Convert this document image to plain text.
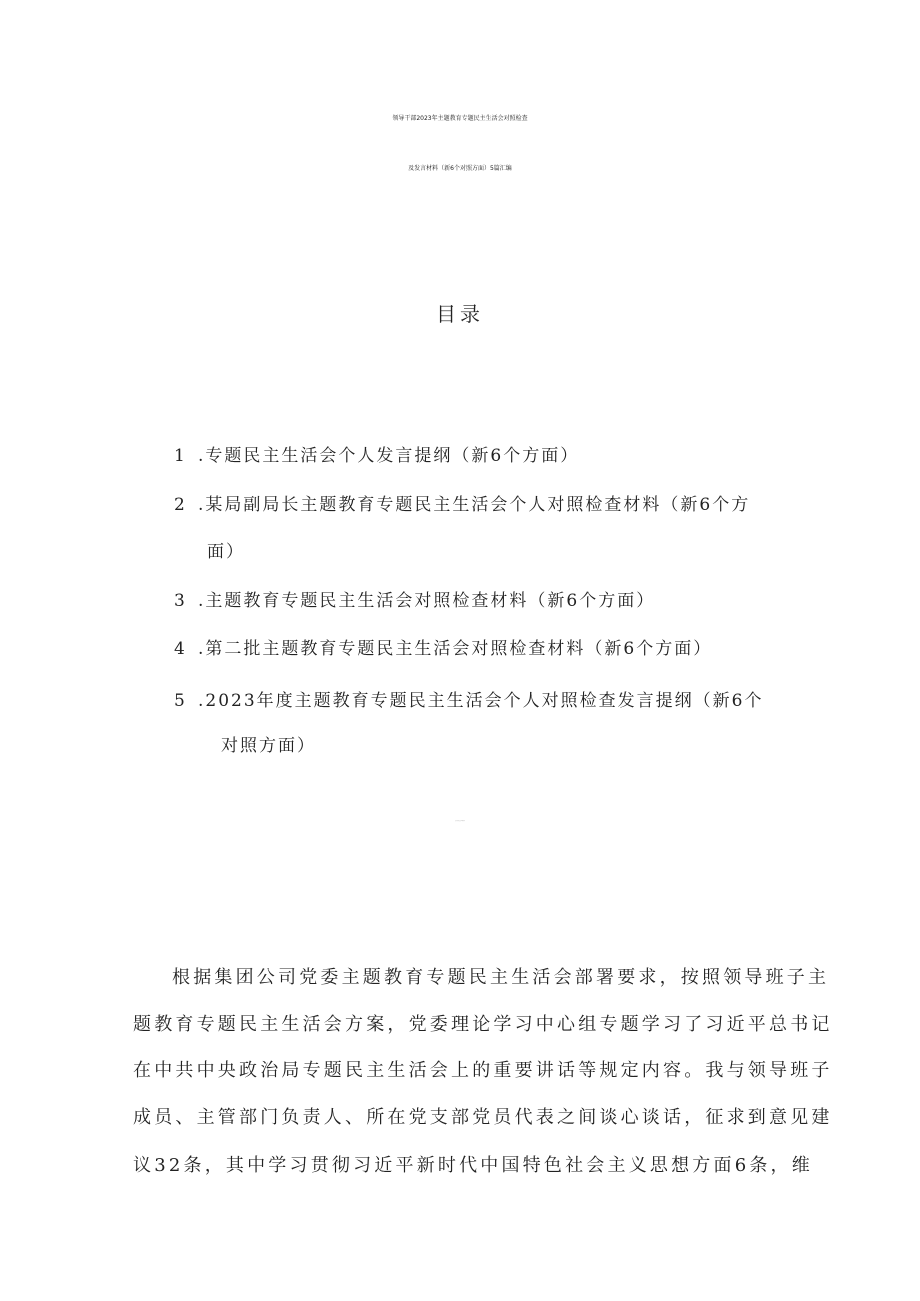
领导干部2023年主题教育专题民主生活会对照检查
及发言材料（新6个对照方面）5篇汇编
目录
1 .专题民主生活会个人发言提纲（新6个方面）
2 .某局副局长主题教育专题民主生活会个人对照检查材料（新6个方
面）
3 .主题教育专题民主生活会对照检查材料（新6个方面）
4 .第二批主题教育专题民主生活会对照检查材料（新6个方面）
5 .2023年度主题教育专题民主生活会个人对照检查发言提纲（新6个
对照方面）
根据集团公司党委主题教育专题民主生活会部署要求，按照领导班子主
题教育专题民主生活会方案，党委理论学习中心组专题学习了习近平总书记
在中共中央政治局专题民主生活会上的重要讲话等规定内容。我与领导班子
成员、主管部门负责人、所在党支部党员代表之间谈心谈话，征求到意见建
议32条，其中学习贯彻习近平新时代中国特色社会主义思想方面6条，维
